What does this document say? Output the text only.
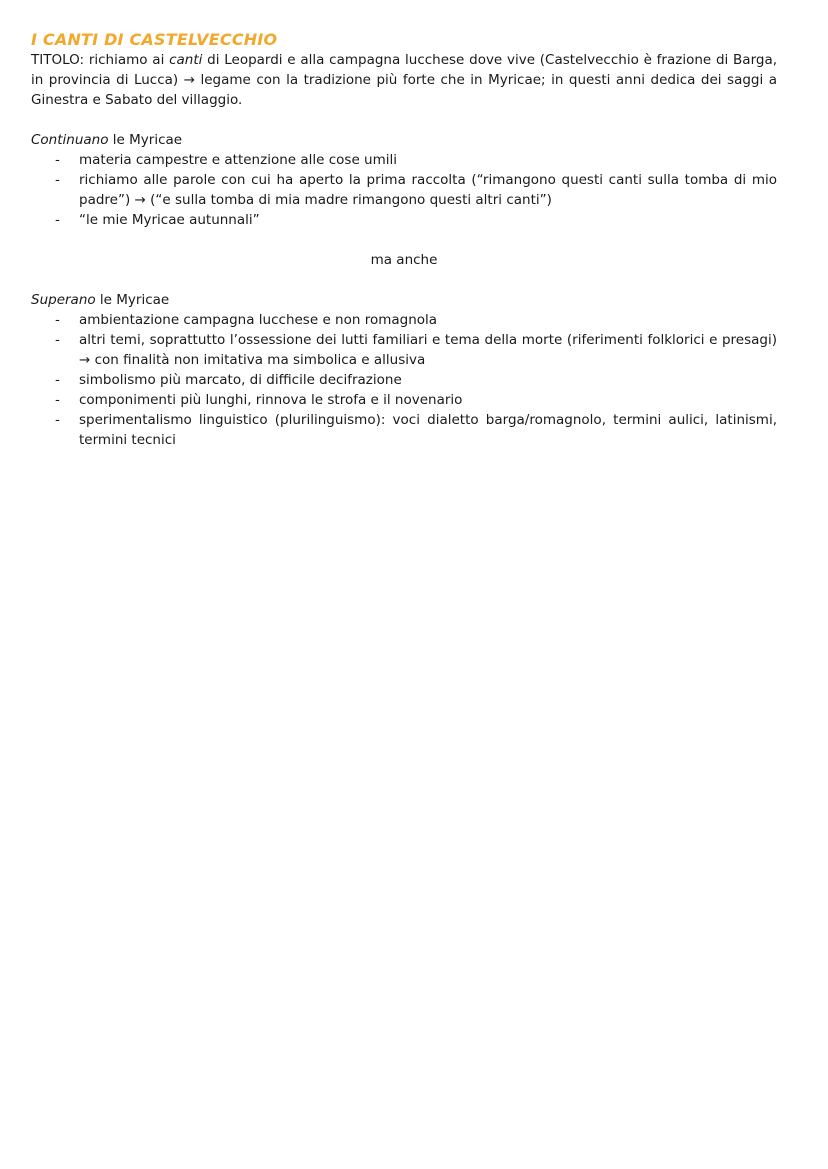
I CANTI DI CASTELVECCHIO

TITOLO: richiamo ai canti di Leopardi e alla campagna lucchese dove vive (Castelvecchio è frazione di Barga, in provincia di Lucca) → legame con la tradizione più forte che in Myricae; in questi anni dedica dei saggi a Ginestra e Sabato del villaggio.

Continuano le Myricae

- materia campestre e attenzione alle cose umili
- richiamo alle parole con cui ha aperto la prima raccolta (“rimangono questi canti sulla tomba di mio padre”) → (“e sulla tomba di mia madre rimangono questi altri canti”)
- “le mie Myricae autunnali”

ma anche

Superano le Myricae

- ambientazione campagna lucchese e non romagnola
- altri temi, soprattutto l’ossessione dei lutti familiari e tema della morte (riferimenti folklorici e presagi) → con finalità non imitativa ma simbolica e allusiva
- simbolismo più marcato, di difficile decifrazione
- componimenti più lunghi, rinnova le strofa e il novenario
- sperimentalismo linguistico (plurilinguismo): voci dialetto barga/romagnolo, termini aulici, latinismi, termini tecnici
